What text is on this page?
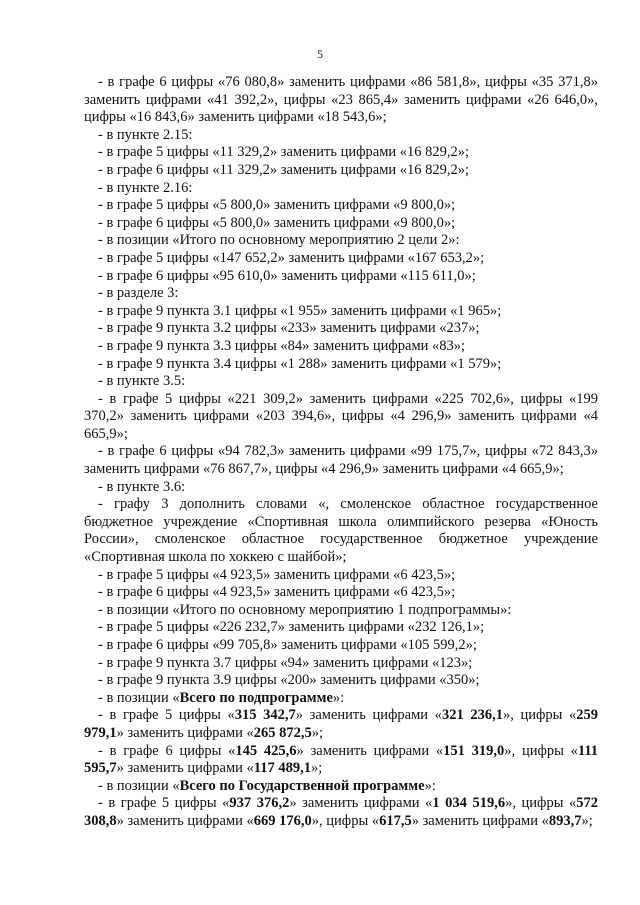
5

- в графе 6 цифры «76 080,8» заменить цифрами «86 581,8», цифры «35 371,8» заменить цифрами «41 392,2», цифры «23 865,4» заменить цифрами «26 646,0», цифры «16 843,6» заменить цифрами «18 543,6»;

- в пункте 2.15:

- в графе 5 цифры «11 329,2» заменить цифрами «16 829,2»;

- в графе 6 цифры «11 329,2» заменить цифрами «16 829,2»;

- в пункте 2.16:

- в графе 5 цифры «5 800,0» заменить цифрами «9 800,0»;

- в графе 6 цифры «5 800,0» заменить цифрами «9 800,0»;

- в позиции «Итого по основному мероприятию 2 цели 2»:

- в графе 5 цифры «147 652,2» заменить цифрами «167 653,2»;

- в графе 6 цифры «95 610,0» заменить цифрами «115 611,0»;

- в разделе 3:

- в графе 9 пункта 3.1 цифры «1 955» заменить цифрами «1 965»;

- в графе 9 пункта 3.2 цифры «233» заменить цифрами «237»;

- в графе 9 пункта 3.3 цифры «84» заменить цифрами «83»;

- в графе 9 пункта 3.4 цифры «1 288» заменить цифрами «1 579»;

- в пункте 3.5:

- в графе 5 цифры «221 309,2» заменить цифрами «225 702,6», цифры «199 370,2» заменить цифрами «203 394,6», цифры «4 296,9» заменить цифрами «4 665,9»;

- в графе 6 цифры «94 782,3» заменить цифрами «99 175,7», цифры «72 843,3» заменить цифрами «76 867,7», цифры «4 296,9» заменить цифрами «4 665,9»;

- в пункте 3.6:

- графу 3 дополнить словами «, смоленское областное государственное бюджетное учреждение «Спортивная школа олимпийского резерва «Юность России», смоленское областное государственное бюджетное учреждение «Спортивная школа по хоккею с шайбой»;

- в графе 5 цифры «4 923,5» заменить цифрами «6 423,5»;

- в графе 6 цифры «4 923,5» заменить цифрами «6 423,5»;

- в позиции «Итого по основному мероприятию 1 подпрограммы»:

- в графе 5 цифры «226 232,7» заменить цифрами «232 126,1»;

- в графе 6 цифры «99 705,8» заменить цифрами «105 599,2»;

- в графе 9 пункта 3.7 цифры «94» заменить цифрами «123»;

- в графе 9 пункта 3.9 цифры «200» заменить цифрами «350»;

- в позиции «Всего по подпрограмме»:

- в графе 5 цифры «315 342,7» заменить цифрами «321 236,1», цифры «259 979,1» заменить цифрами «265 872,5»;

- в графе 6 цифры «145 425,6» заменить цифрами «151 319,0», цифры «111 595,7» заменить цифрами «117 489,1»;

- в позиции «Всего по Государственной программе»:

- в графе 5 цифры «937 376,2» заменить цифрами «1 034 519,6», цифры «572 308,8» заменить цифрами «669 176,0», цифры «617,5» заменить цифрами «893,7»;
